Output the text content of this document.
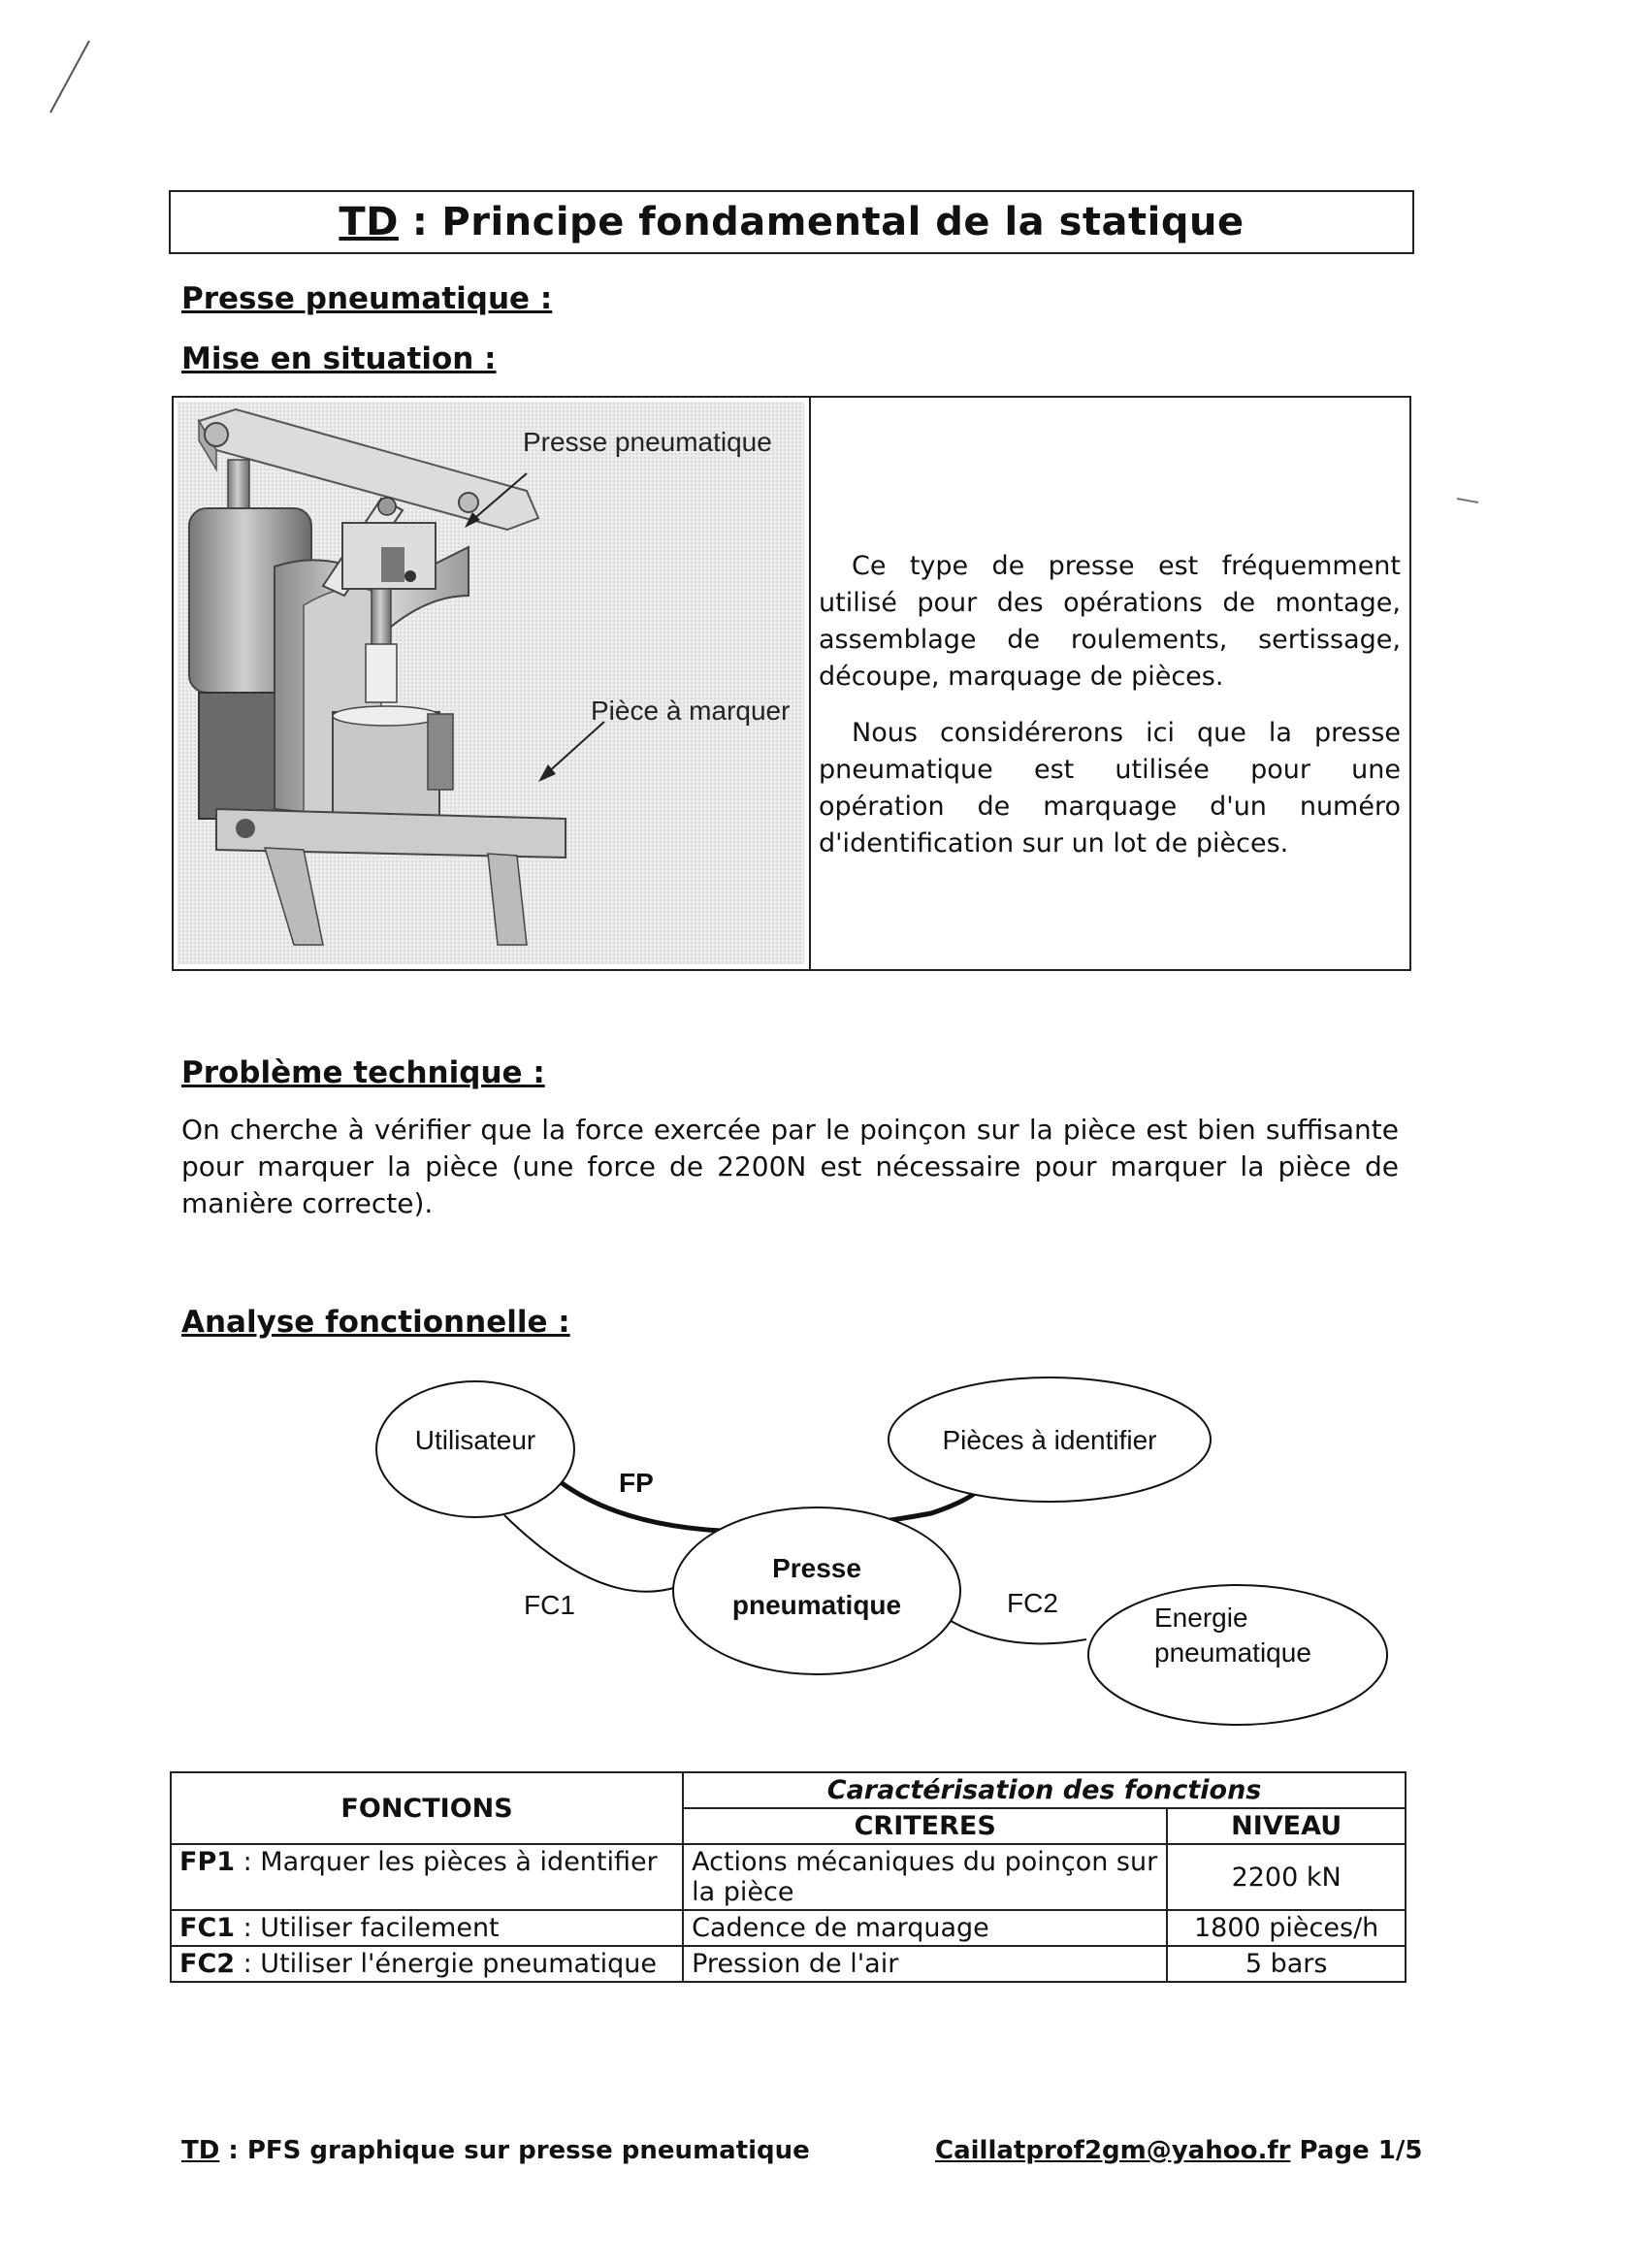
TD : Principe fondamental de la statique
Presse pneumatique :
Mise en situation :
Presse pneumatique
Pièce à marquer

Ce type de presse est fréquemment utilisé pour des opérations de montage, assemblage de roulements, sertissage, découpe, marquage de pièces.

Nous considérerons ici que la presse pneumatique est utilisée pour une opération de marquage d'un numéro d'identification sur un lot de pièces.

Problème technique :
On cherche à vérifier que la force exercée par le poinçon sur la pièce est bien suffisante pour marquer la pièce (une force de 2200N est nécessaire pour marquer la pièce de manière correcte).
Analyse fonctionnelle :
Utilisateur	Pièces à identifier
Presse
pneumatique	Energie
pneumatique
FP
FC1	FC2
FONCTIONS	Caractérisation des fonctions	
	CRITERES	NIVEAU
FP1 : Marquer les pièces à identifier	Actions mécaniques du poinçon sur la pièce	2200 kN
FC1 : Utiliser facilement	Cadence de marquage	1800 pièces/h
FC2 : Utiliser l'énergie pneumatique	Pression de l'air	5 bars
TD : PFS graphique sur presse pneumatique	Caillatprof2gm@yahoo.fr Page 1/5
